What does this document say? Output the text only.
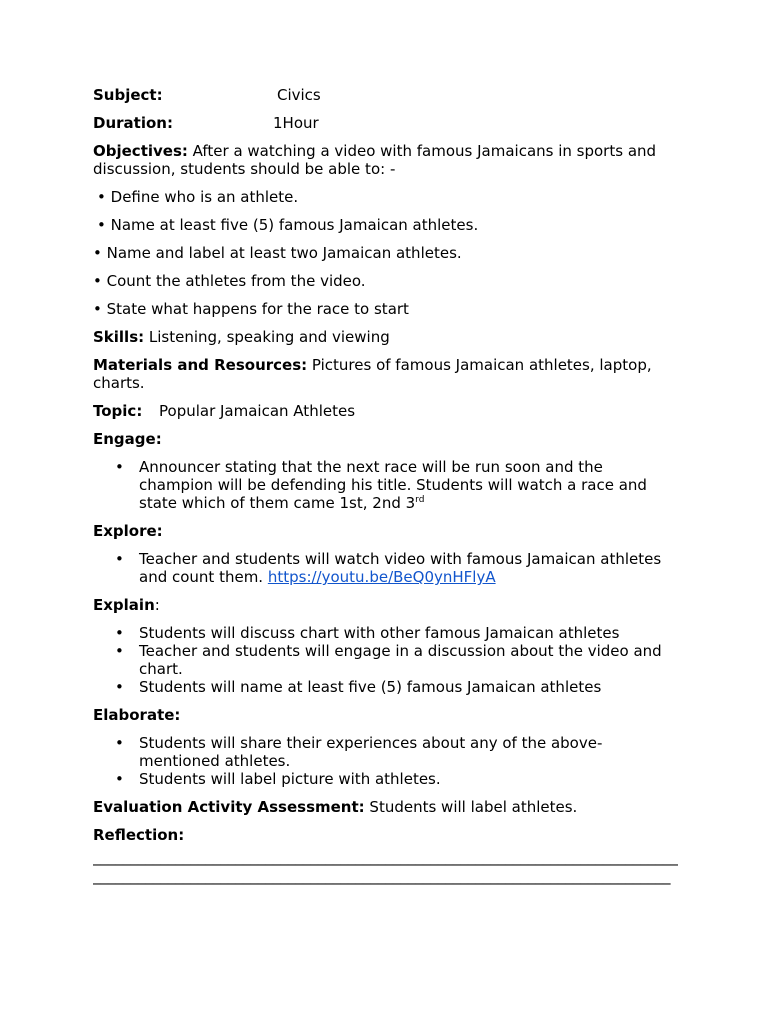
Subject:	Civics

Duration:	1Hour

Objectives: After a watching a video with famous Jamaicans in sports and discussion, students should be able to: -

• Define who is an athlete.
• Name at least five (5) famous Jamaican athletes.
• Name and label at least two Jamaican athletes.
• Count the athletes from the video.
• State what happens for the race to start

Skills: Listening, speaking and viewing

Materials and Resources: Pictures of famous Jamaican athletes, laptop, charts.

Topic:	Popular Jamaican Athletes

Engage:

• Announcer stating that the next race will be run soon and the champion will be defending his title. Students will watch a race and state which of them came 1st, 2nd 3rd

Explore:

• Teacher and students will watch video with famous Jamaican athletes and count them. https://youtu.be/BeQ0ynHFlyA

Explain:

• Students will discuss chart with other famous Jamaican athletes
• Teacher and students will engage in a discussion about the video and chart.
• Students will name at least five (5) famous Jamaican athletes

Elaborate:

• Students will share their experiences about any of the above-mentioned athletes.
• Students will label picture with athletes.

Evaluation Activity Assessment: Students will label athletes.

Reflection:

______________________________________________________________________________
_____________________________________________________________________________
